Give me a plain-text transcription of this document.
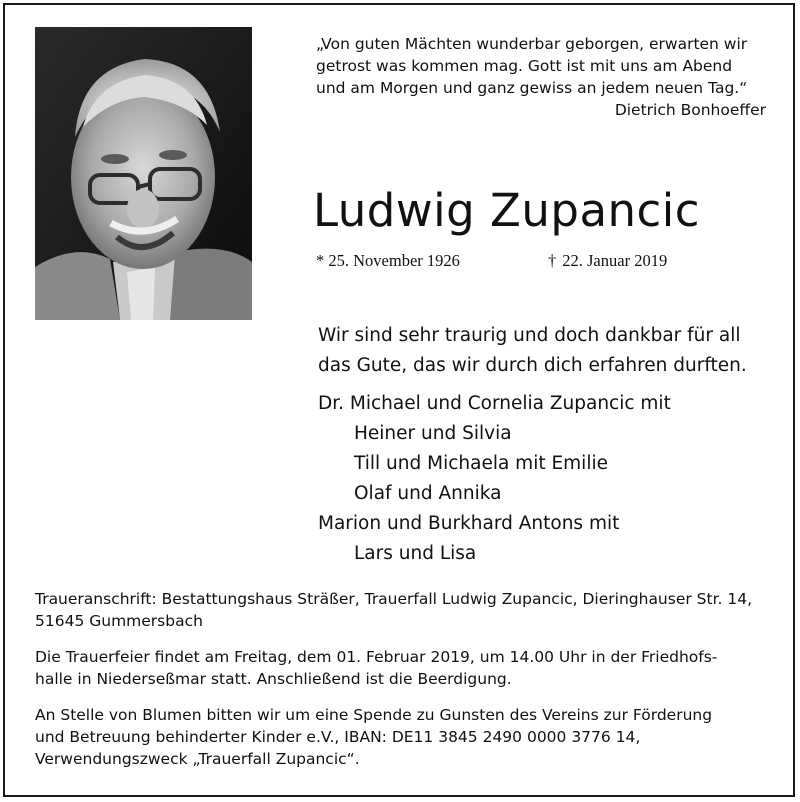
„Von guten Mächten wunderbar geborgen, erwarten wir
getrost was kommen mag. Gott ist mit uns am Abend
und am Morgen und ganz gewiss an jedem neuen Tag.“
Dietrich Bonhoeffer
Ludwig Zupancic
* 25. November 1926	† 22. Januar 2019
Wir sind sehr traurig und doch dankbar für all
das Gute, das wir durch dich erfahren durften.
Dr. Michael und Cornelia Zupancic mit
Heiner und Silvia
Till und Michaela mit Emilie
Olaf und Annika
Marion und Burkhard Antons mit
Lars und Lisa

Traueranschrift: Bestattungshaus Sträßer, Trauerfall Ludwig Zupancic, Dieringhauser Str. 14,
51645 Gummersbach

Die Trauerfeier findet am Freitag, dem 01. Februar 2019, um 14.00 Uhr in der Friedhofs-
halle in Niederseßmar statt. Anschließend ist die Beerdigung.

An Stelle von Blumen bitten wir um eine Spende zu Gunsten des Vereins zur Förderung
und Betreuung behinderter Kinder e.V., IBAN: DE11 3845 2490 0000 3776 14,
Verwendungszweck „Trauerfall Zupancic“.
